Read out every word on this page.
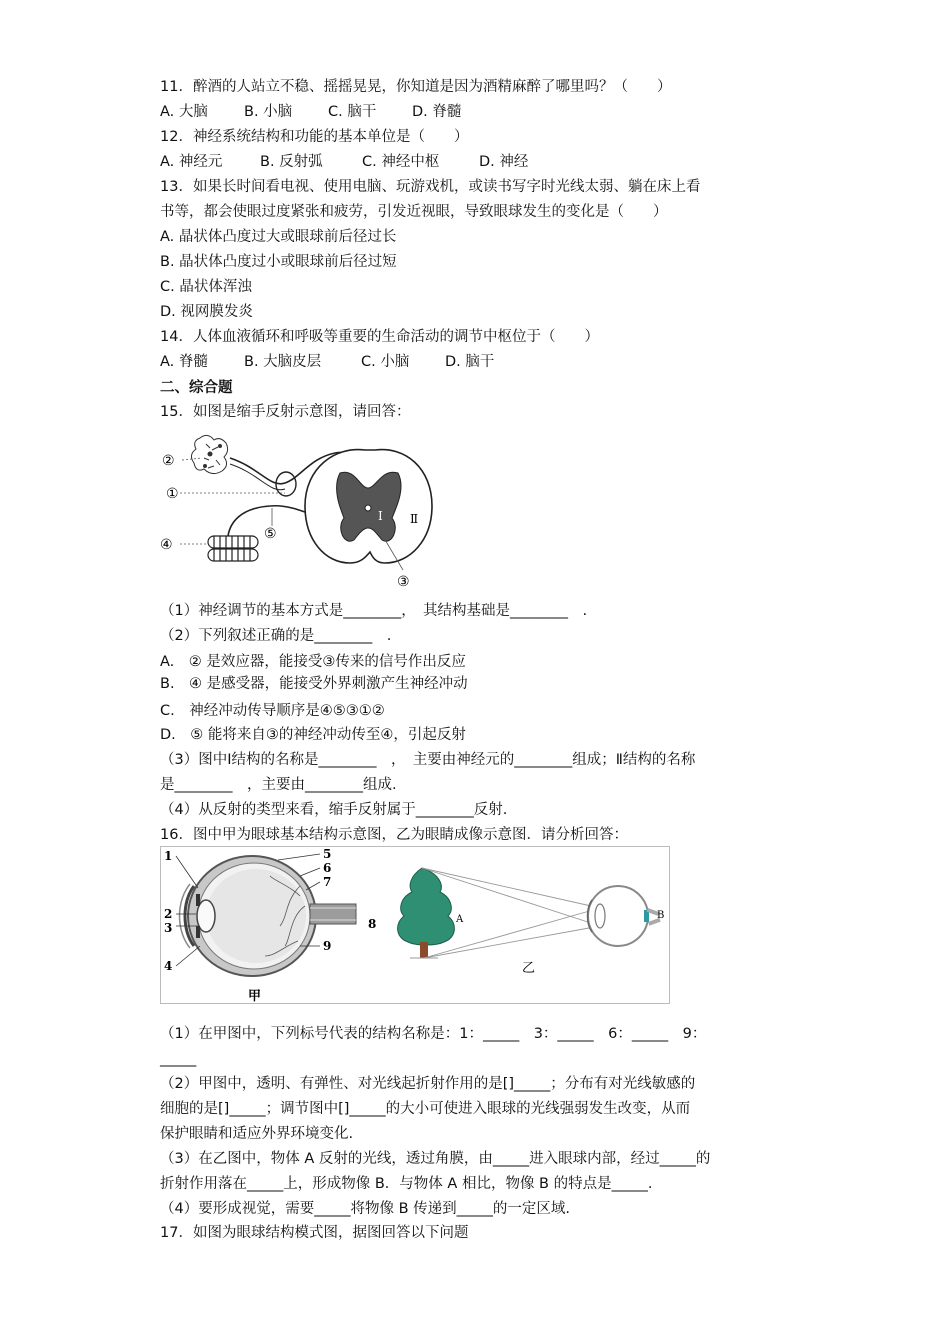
11．醉酒的人站立不稳、摇摇晃晃，你知道是因为酒精麻醉了哪里吗？（　　）
A. 大脑 B. 小脑 C. 脑干 D. 脊髓
12．神经系统结构和功能的基本单位是（　　）
A. 神经元	B. 反射弧	C. 神经中枢	D. 神经
13．如果长时间看电视、使用电脑、玩游戏机，或读书写字时光线太弱、躺在床上看
书等，都会使眼过度紧张和疲劳，引发近视眼，导致眼球发生的变化是（　　）
A. 晶状体凸度过大或眼球前后径过长
B. 晶状体凸度过小或眼球前后径过短
C. 晶状体浑浊
D. 视网膜发炎
14．人体血液循环和呼吸等重要的生命活动的调节中枢位于（　　）
A. 脊髓 B. 大脑皮层	C. 小脑 D. 脑干
二、综合题
15．如图是缩手反射示意图，请回答：
②
①
④
⑤
③
Ⅰ Ⅱ
（1）神经调节的基本方式是________，　其结构基础是________　.
（2）下列叙述正确的是________　.
A.　② 是效应器，能接受③传来的信号作出反应
B.　④ 是感受器，能接受外界刺激产生神经冲动
C.　神经冲动传导顺序是④⑤③①②
D.　⑤ 能将来自③的神经冲动传至④，引起反射
（3）图中Ⅰ结构的名称是________　，　主要由神经元的________组成；Ⅱ结构的名称
是________　，主要由________组成.
（4）从反射的类型来看，缩手反射属于________反射.
16．图中甲为眼球基本结构示意图，乙为眼睛成像示意图．请分析回答：
1
2
3
4
5
6
7
8
9
甲
A	B
乙
（1）在甲图中，下列标号代表的结构名称是：1：_____　3：_____　6：_____　9：
_____
（2）甲图中，透明、有弹性、对光线起折射作用的是[]_____；分布有对光线敏感的
细胞的是[]_____；调节图中[]_____的大小可使进入眼球的光线强弱发生改变，从而
保护眼睛和适应外界环境变化.
（3）在乙图中，物体 A 反射的光线，透过角膜，由_____进入眼球内部，经过_____的
折射作用落在_____上，形成物像 B．与物体 A 相比，物像 B 的特点是_____.
（4）要形成视觉，需要_____将物像 B 传递到_____的一定区域.
17．如图为眼球结构模式图，据图回答以下问题
